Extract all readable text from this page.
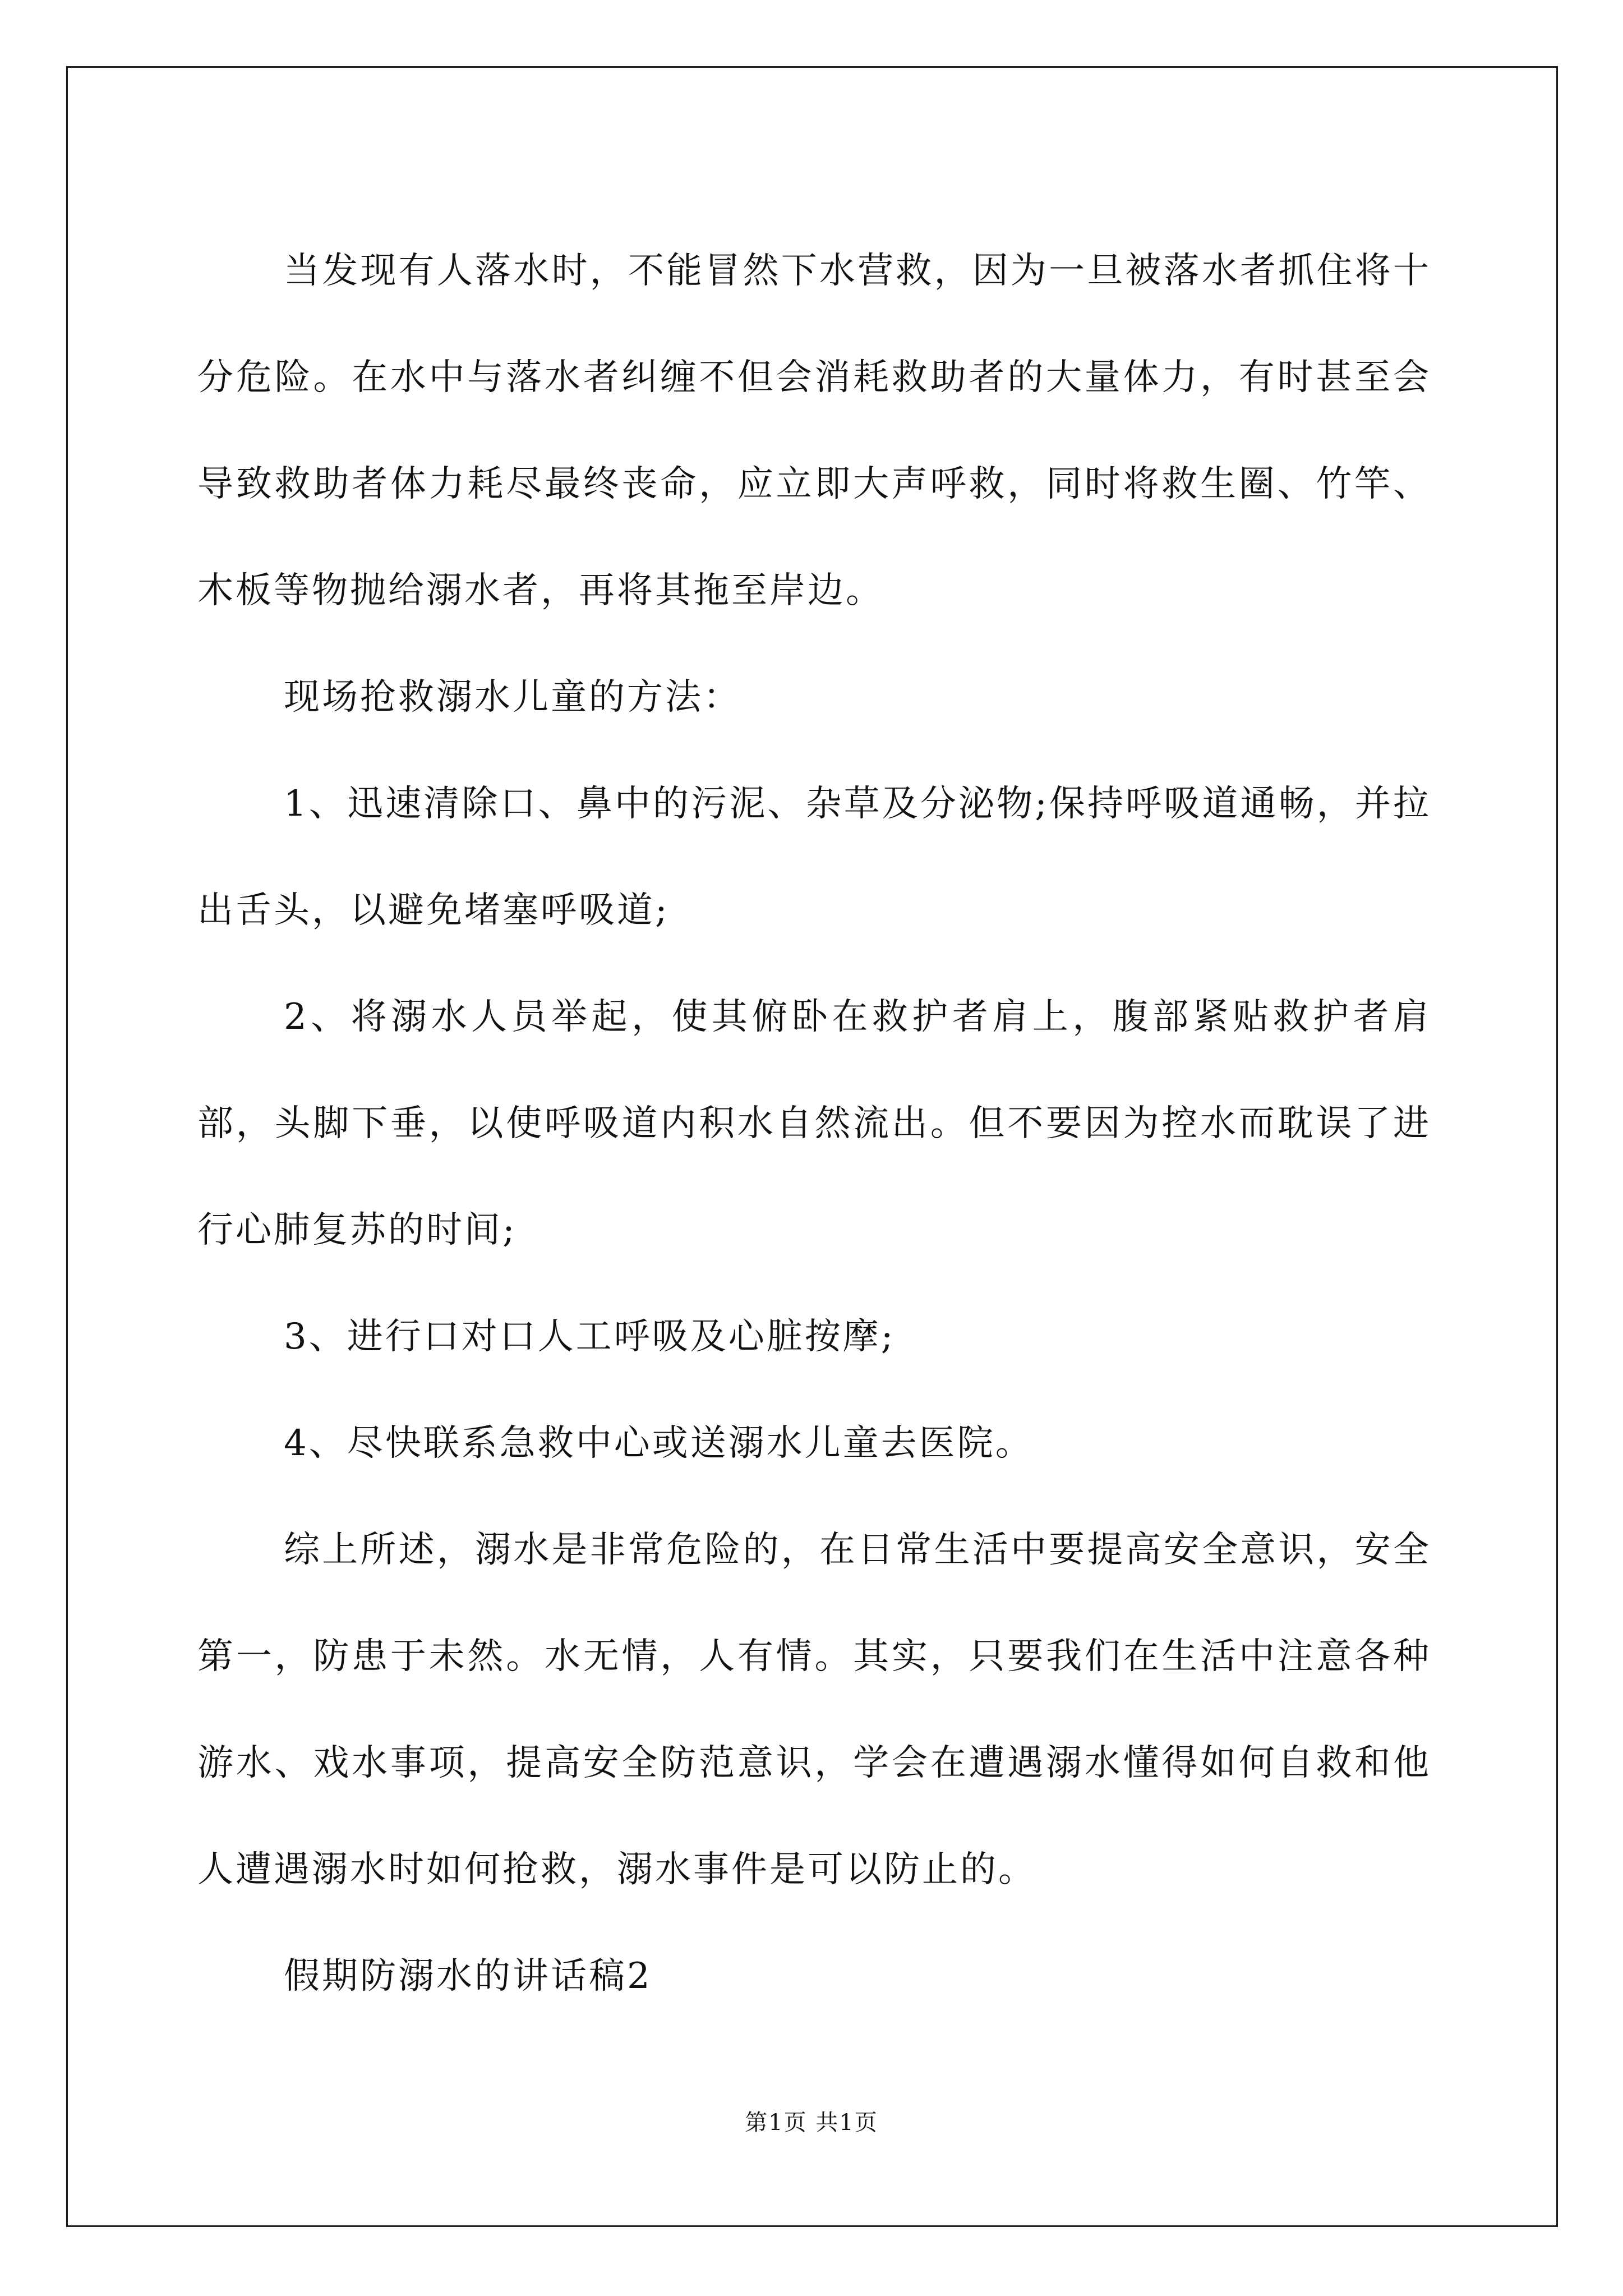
当发现有人落水时，不能冒然下水营救，因为一旦被落水者抓住将十分危险。在水中与落水者纠缠不但会消耗救助者的大量体力，有时甚至会导致救助者体力耗尽最终丧命，应立即大声呼救，同时将救生圈、竹竿、木板等物抛给溺水者，再将其拖至岸边。

现场抢救溺水儿童的方法：

1、迅速清除口、鼻中的污泥、杂草及分泌物;保持呼吸道通畅，并拉出舌头，以避免堵塞呼吸道;

2、将溺水人员举起，使其俯卧在救护者肩上，腹部紧贴救护者肩部，头脚下垂，以使呼吸道内积水自然流出。但不要因为控水而耽误了进行心肺复苏的时间;

3、进行口对口人工呼吸及心脏按摩;

4、尽快联系急救中心或送溺水儿童去医院。

综上所述，溺水是非常危险的，在日常生活中要提高安全意识，安全第一，防患于未然。水无情，人有情。其实，只要我们在生活中注意各种游水、戏水事项，提高安全防范意识，学会在遭遇溺水懂得如何自救和他人遭遇溺水时如何抢救，溺水事件是可以防止的。

假期防溺水的讲话稿2

第1页 共1页
